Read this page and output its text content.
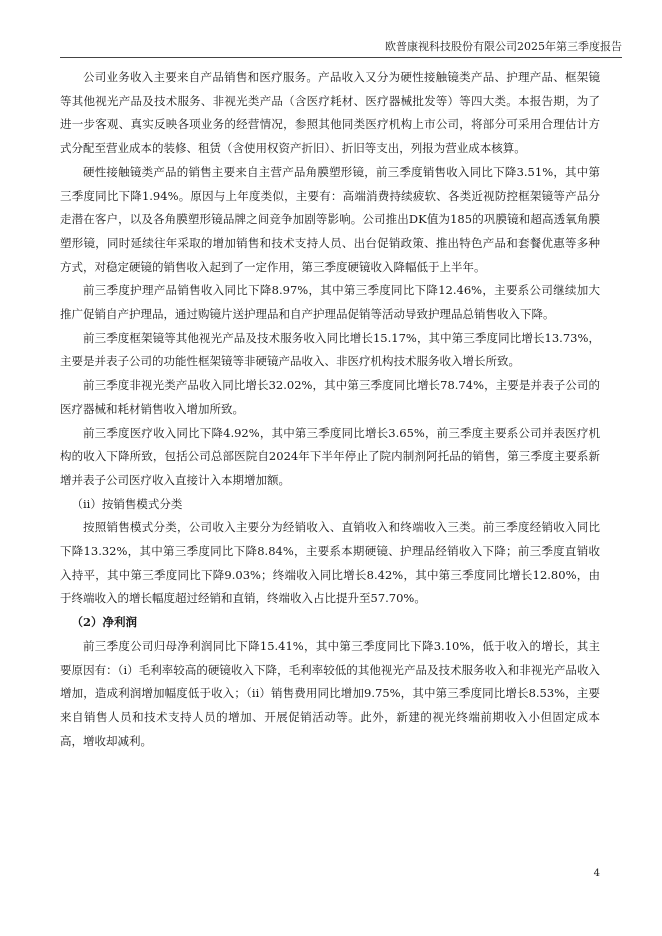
欧普康视科技股份有限公司2025年第三季度报告

公司业务收入主要来自产品销售和医疗服务。产品收入又分为硬性接触镜类产品、护理产品、框架镜等其他视光产品及技术服务、非视光类产品（含医疗耗材、医疗器械批发等）等四大类。本报告期，为了进一步客观、真实反映各项业务的经营情况，参照其他同类医疗机构上市公司，将部分可采用合理估计方式分配至营业成本的装修、租赁（含使用权资产折旧）、折旧等支出，列报为营业成本核算。

硬性接触镜类产品的销售主要来自主营产品角膜塑形镜，前三季度销售收入同比下降3.51%，其中第三季度同比下降1.94%。原因与上年度类似，主要有：高端消费持续疲软、各类近视防控框架镜等产品分走潜在客户，以及各角膜塑形镜品牌之间竞争加剧等影响。公司推出DK值为185的巩膜镜和超高透氧角膜塑形镜，同时延续往年采取的增加销售和技术支持人员、出台促销政策、推出特色产品和套餐优惠等多种方式，对稳定硬镜的销售收入起到了一定作用，第三季度硬镜收入降幅低于上半年。

前三季度护理产品销售收入同比下降8.97%，其中第三季度同比下降12.46%，主要系公司继续加大推广促销自产护理品，通过购镜片送护理品和自产护理品促销等活动导致护理品总销售收入下降。

前三季度框架镜等其他视光产品及技术服务收入同比增长15.17%，其中第三季度同比增长13.73%，主要是并表子公司的功能性框架镜等非硬镜产品收入、非医疗机构技术服务收入增长所致。

前三季度非视光类产品收入同比增长32.02%，其中第三季度同比增长78.74%，主要是并表子公司的医疗器械和耗材销售收入增加所致。

前三季度医疗收入同比下降4.92%，其中第三季度同比增长3.65%，前三季度主要系公司并表医疗机构的收入下降所致，包括公司总部医院自2024年下半年停止了院内制剂阿托品的销售，第三季度主要系新增并表子公司医疗收入直接计入本期增加额。

（ii）按销售模式分类

按照销售模式分类，公司收入主要分为经销收入、直销收入和终端收入三类。前三季度经销收入同比下降13.32%，其中第三季度同比下降8.84%，主要系本期硬镜、护理品经销收入下降；前三季度直销收入持平，其中第三季度同比下降9.03%；终端收入同比增长8.42%，其中第三季度同比增长12.80%，由于终端收入的增长幅度超过经销和直销，终端收入占比提升至57.70%。

（2）净利润

前三季度公司归母净利润同比下降15.41%，其中第三季度同比下降3.10%，低于收入的增长，其主要原因有：（i）毛利率较高的硬镜收入下降，毛利率较低的其他视光产品及技术服务收入和非视光产品收入增加，造成利润增加幅度低于收入；（ii）销售费用同比增加9.75%，其中第三季度同比增长8.53%，主要来自销售人员和技术支持人员的增加、开展促销活动等。此外，新建的视光终端前期收入小但固定成本高，增收却减利。

4
